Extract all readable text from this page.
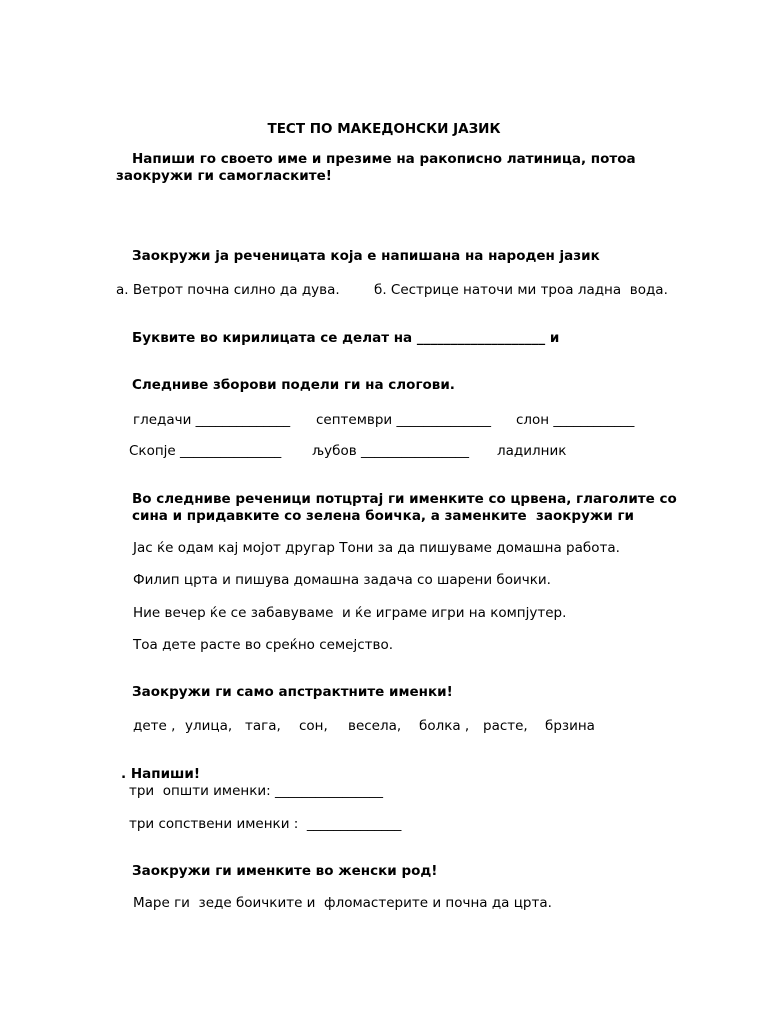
ТЕСТ ПО МАКЕДОНСКИ ЈАЗИК
Напиши го своето име и презиме на ракописно латиница, потоа
заокружи ги самогласките!
Заокружи ја реченицата која е напишана на народен јазик
а. Ветрот почна силно да дува.	б. Сестрице наточи ми троа ладна  вода.
Буквите во кирилицата се делат на ___________________ и
Следниве зборови подели ги на слогови.
гледачи ______________ септември ______________ слон ____________
Скопје _______________ љубов ________________ ладилник
Во следниве реченици потцртај ги именките со црвена, глаголите со
сина и придавките со зелена боичка, а заменките  заокружи ги
Јас ќе одам кај мојот другар Тони за да пишуваме домашна работа.
Филип црта и пишува домашна задача со шарени боички.
Ние вечер ќе се забавуваме  и ќе играме игри на компјутер.
Тоа дете расте во среќно семејство.
Заокружи ги само апстрактните именки!
дете , улица, тага, сон, весела, болка , расте, брзина
. Напиши!
три  општи именки: ________________
три сопствени именки :  ______________
Заокружи ги именките во женски род!
Маре ги  зеде боичките и  фломастерите и почна да црта.
